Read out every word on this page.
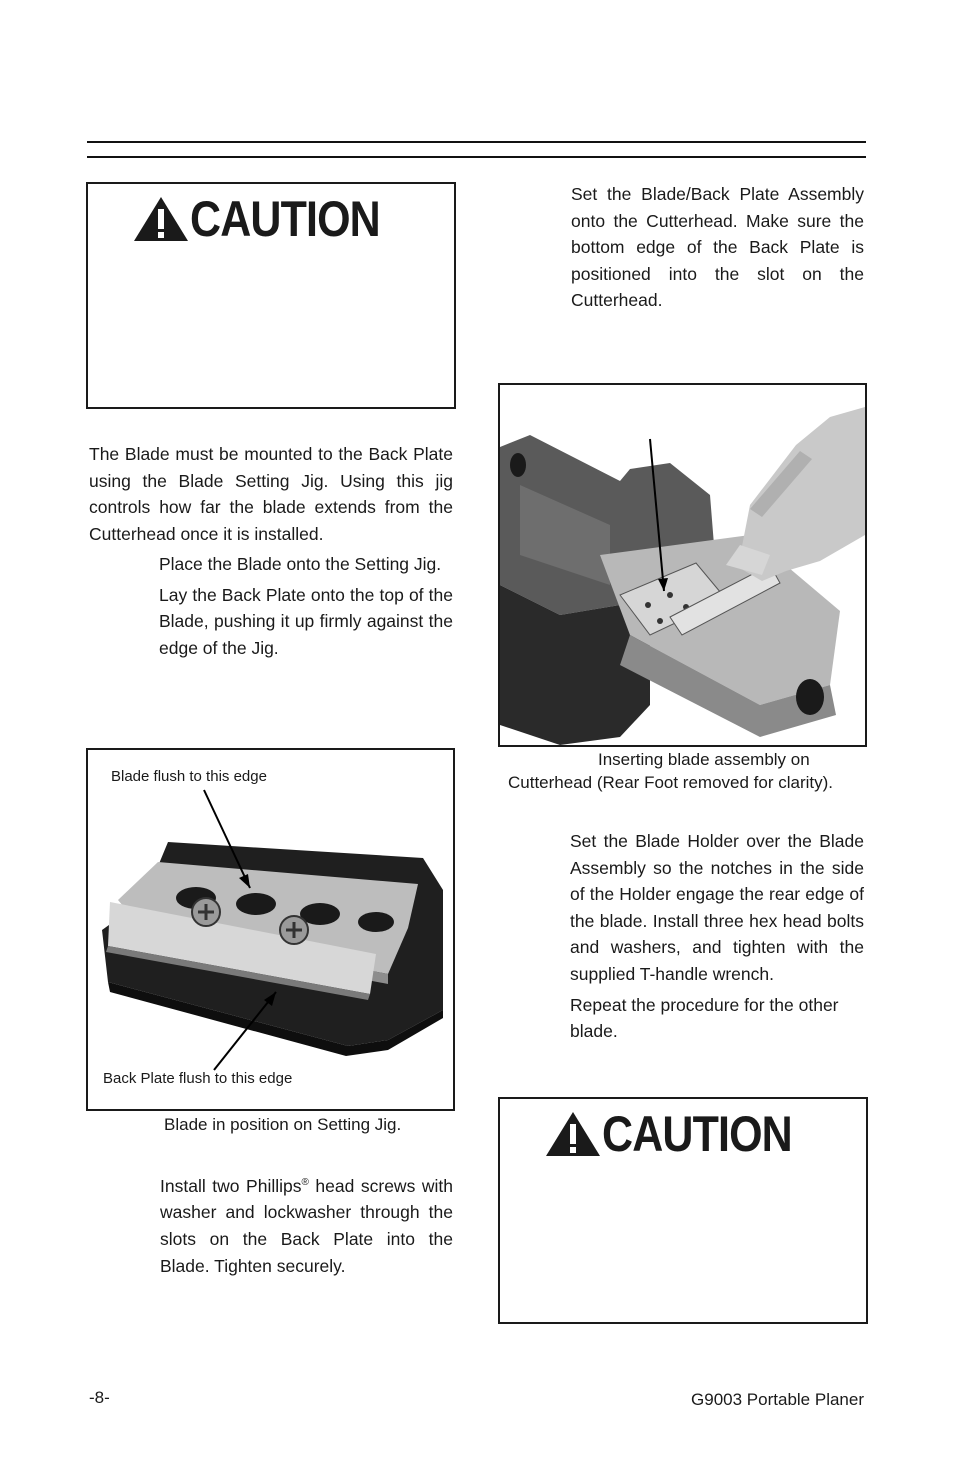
CAUTION

The Blade must be mounted to the Back Plate using the Blade Setting Jig. Using this jig controls how far the blade extends from the Cutterhead once it is installed.

Place the Blade onto the Setting Jig.

Lay the Back Plate onto the top of the Blade, pushing it up firmly against the edge of the Jig.

Blade flush to this edge
Back Plate flush to this edge
Blade in position on Setting Jig.

Install two Phillips® head screws with washer and lockwasher through the slots on the Back Plate into the Blade. Tighten securely.

Set the Blade/Back Plate Assembly onto the Cutterhead. Make sure the bottom edge of the Back Plate is positioned into the slot on the Cutterhead.

Inserting blade assembly on
Cutterhead (Rear Foot removed for clarity).

Set the Blade Holder over the Blade Assembly so the notches in the side of the Holder engage the rear edge of the blade. Install three hex head bolts and washers, and tighten with the supplied T-handle wrench.

Repeat the procedure for the other blade.

CAUTION
-8-	G9003 Portable Planer
